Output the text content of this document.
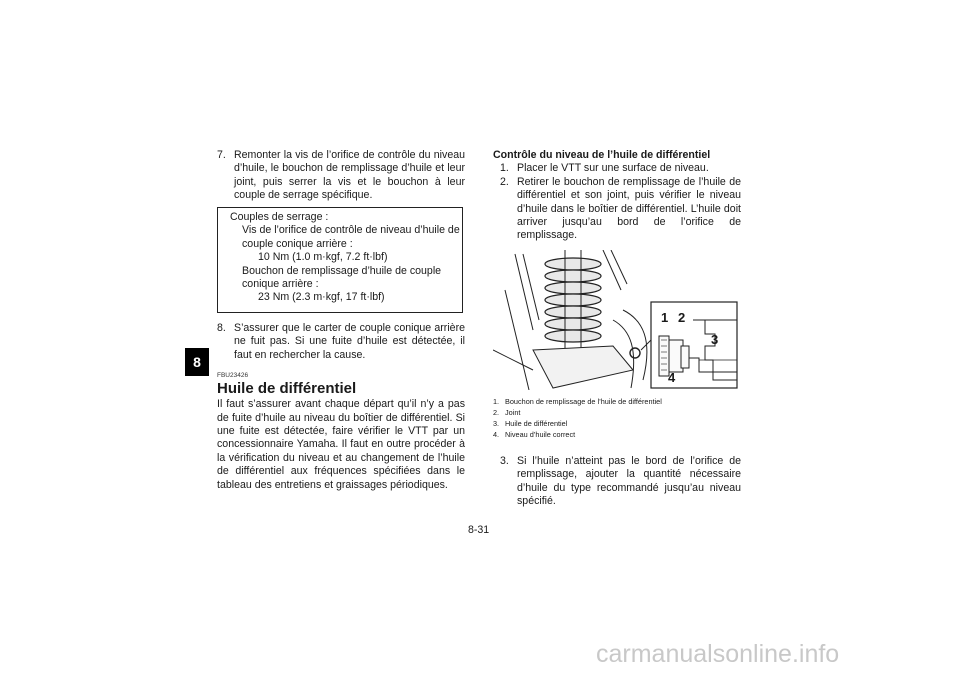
8
7. Remonter la vis de l’orifice de contrôle du niveau d’huile, le bouchon de remplissage d’huile et leur joint, puis serrer la vis et le bouchon à leur couple de serrage spécifique.

Couples de serrage :

Vis de l’orifice de contrôle de niveau d’huile de couple conique arrière :

10 Nm (1.0 m·kgf, 7.2 ft·lbf)

Bouchon de remplissage d’huile de couple conique arrière :

23 Nm (2.3 m·kgf, 17 ft·lbf)

8. S’assurer que le carter de couple conique arrière ne fuit pas. Si une fuite d’huile est détectée, il faut en rechercher la cause.

FBU23426

Huile de différentiel

Il faut s’assurer avant chaque départ qu’il n’y a pas de fuite d’huile au niveau du boîtier de différentiel. Si une fuite est détectée, faire vérifier le VTT par un concessionnaire Yamaha. Il faut en outre procéder à la vérification du niveau et au changement de l’huile de différentiel aux fréquences spécifiées dans le tableau des entretiens et graissages périodiques.

Contrôle du niveau de l’huile de différentiel

1. Placer le VTT sur une surface de niveau.
2. Retirer le bouchon de remplissage de l’huile de différentiel et son joint, puis vérifier le niveau d’huile dans le boîtier de différentiel. L’huile doit arriver jusqu’au bord de l’orifice de remplissage.
1 2
3
4
1. Bouchon de remplissage de l’huile de différentiel
2. Joint
3. Huile de différentiel
4. Niveau d’huile correct
3. Si l’huile n’atteint pas le bord de l’orifice de remplissage, ajouter la quantité nécessaire d’huile du type recommandé jusqu’au niveau spécifié.
8-31
carmanualsonline.info
